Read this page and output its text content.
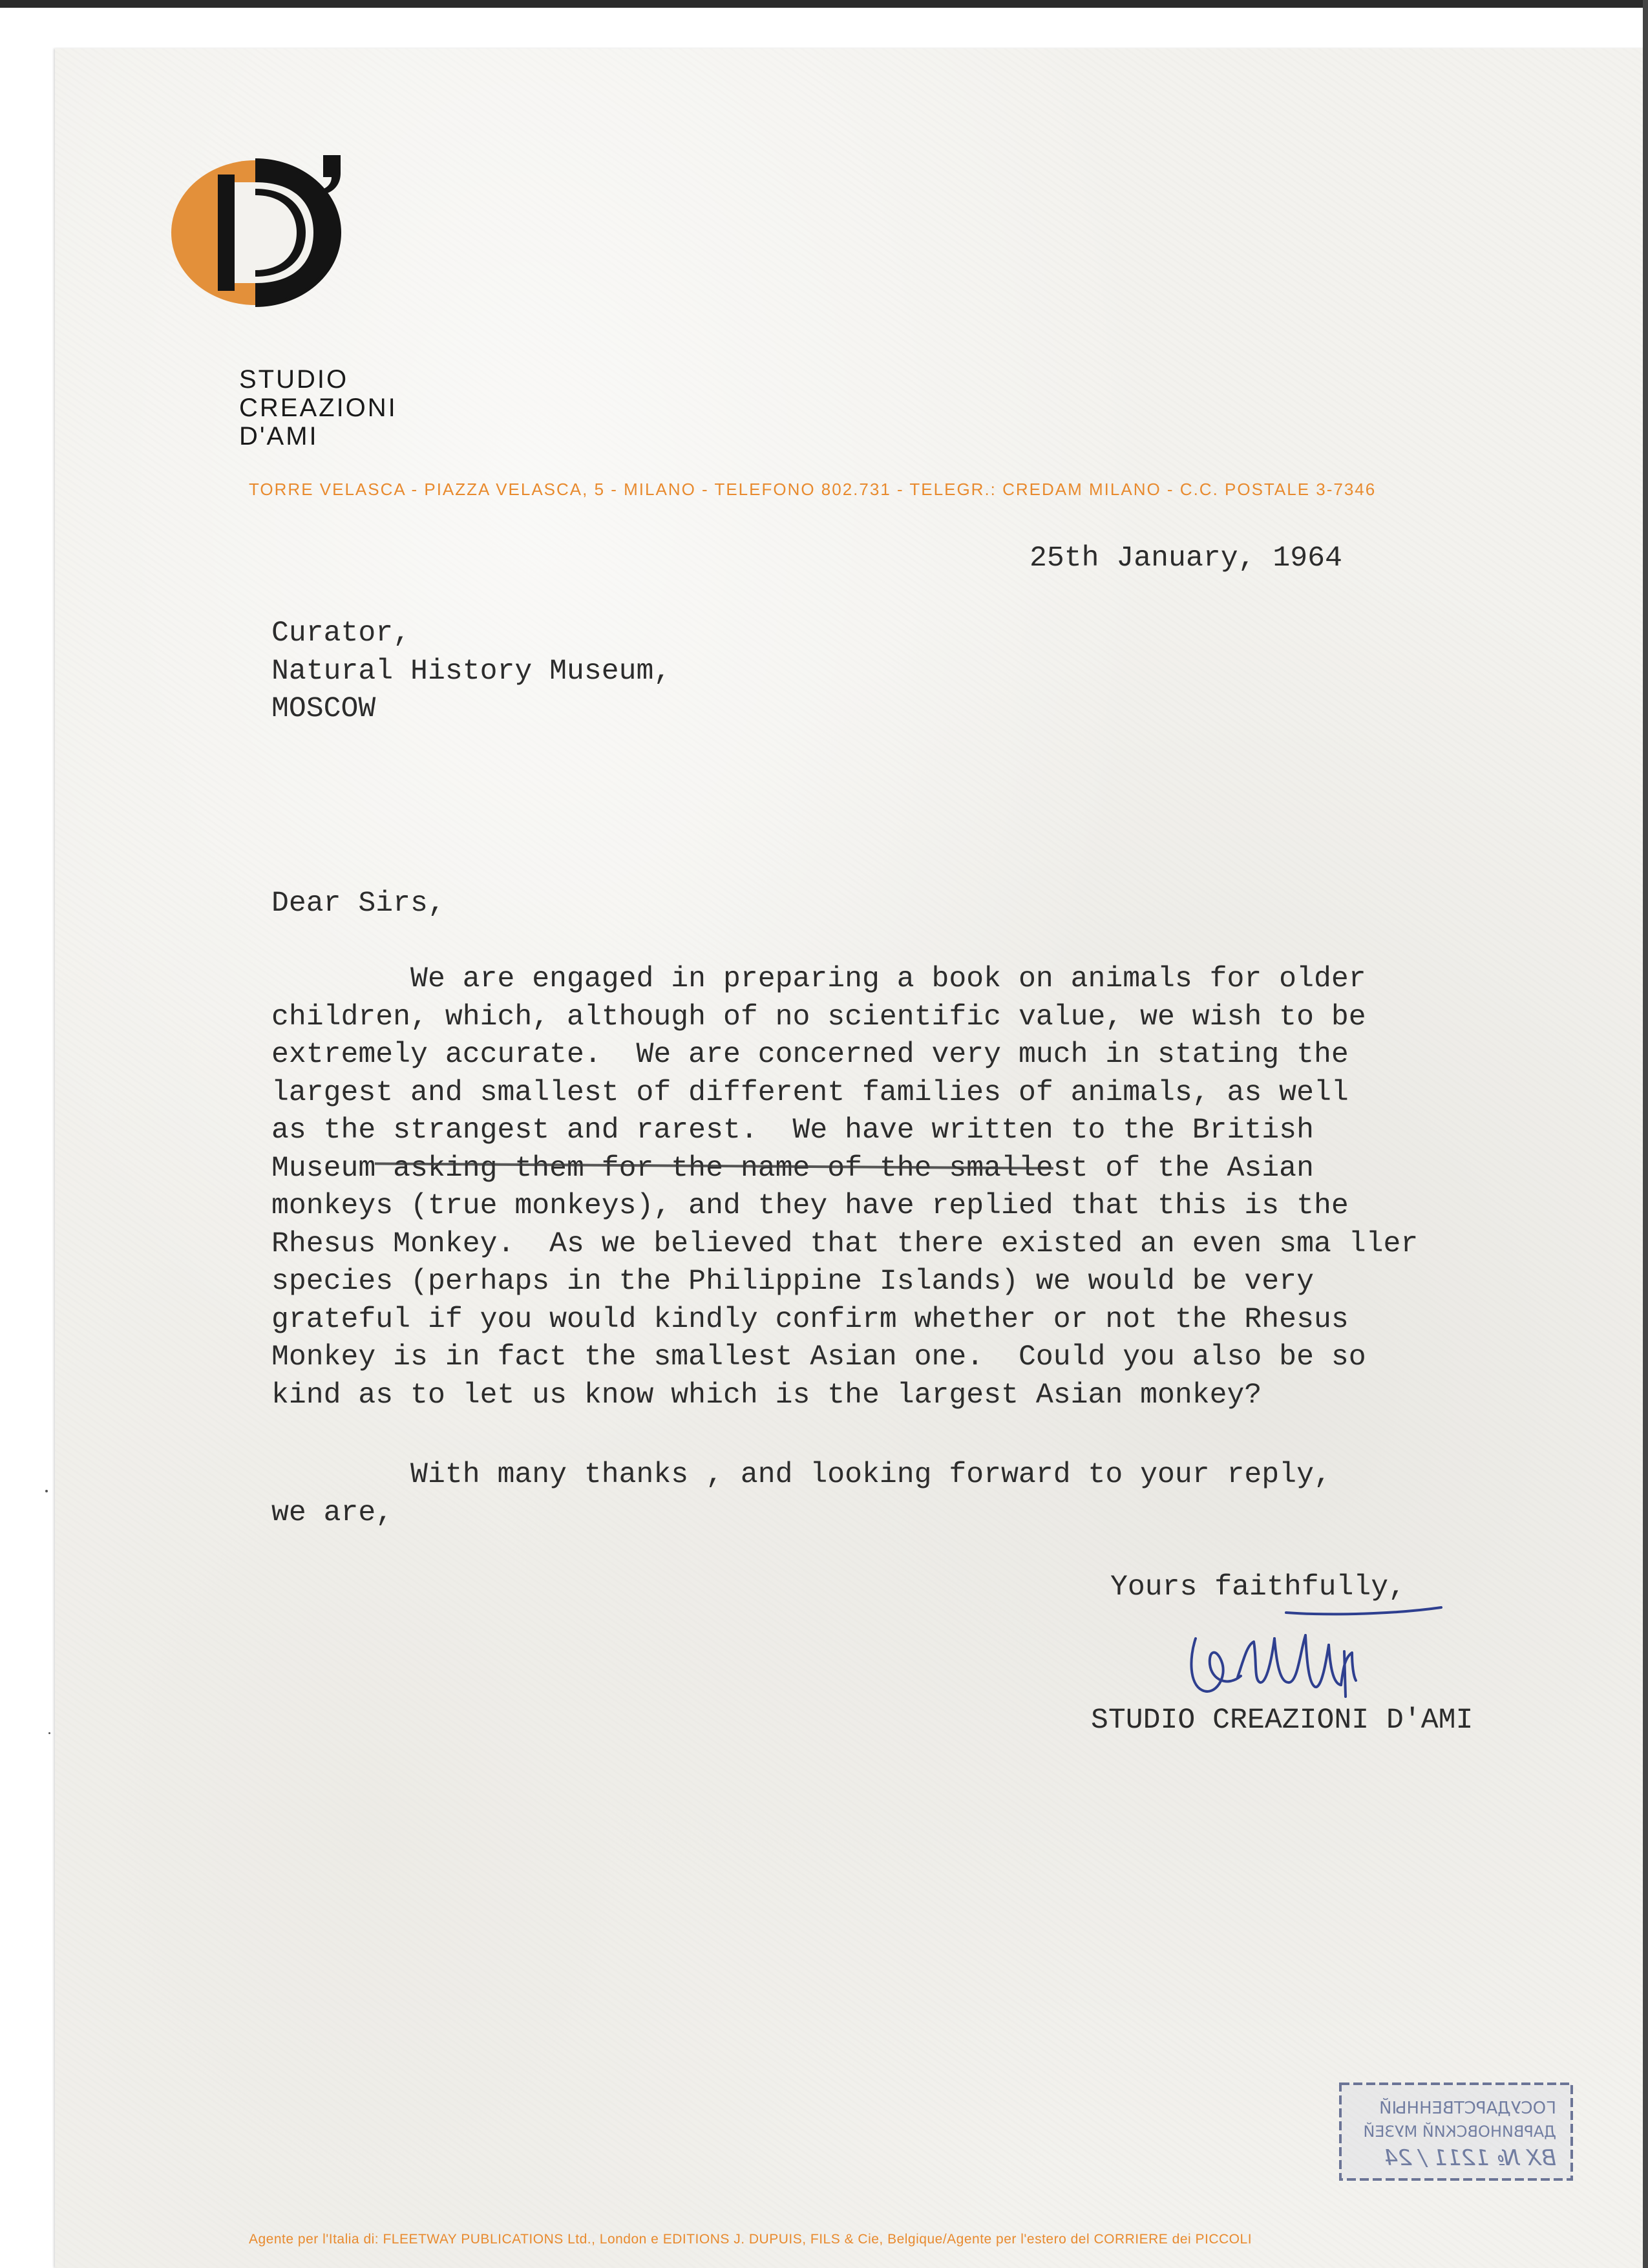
STUDIO
CREAZIONI
D'AMI
TORRE VELASCA - PIAZZA VELASCA, 5 - MILANO - TELEFONO 802.731 - TELEGR.: CREDAM MILANO - C.C. POSTALE 3-7346
25th January, 1964
Curator,
Natural History Museum,
MOSCOW
Dear Sirs,
We are engaged in preparing a book on animals for older
children, which, although of no scientific value, we wish to be
extremely accurate.  We are concerned very much in stating the
largest and smallest of different families of animals, as well
as the strangest and rarest.  We have written to the British
Museum asking them for the name of the smallest of the Asian
monkeys (true monkeys), and they have replied that this is the
Rhesus Monkey.  As we believed that there existed an even sma ller
species (perhaps in the Philippine Islands) we would be very
grateful if you would kindly confirm whether or not the Rhesus
Monkey is in fact the smallest Asian one.  Could you also be so
kind as to let us know which is the largest Asian monkey?
With many thanks , and looking forward to your reply,
we are,
Yours faithfully,
STUDIO CREAZIONI D'AMI
ГОСУДАРСТВЕННЫЙ
ДАРВИНОВСКИЙ МУЗЕЙ
ВХ № 1211 / 24
Agente per l'Italia di: FLEETWAY PUBLICATIONS Ltd., London e EDITIONS J. DUPUIS, FILS & Cie, Belgique/Agente per l'estero del CORRIERE dei PICCOLI
